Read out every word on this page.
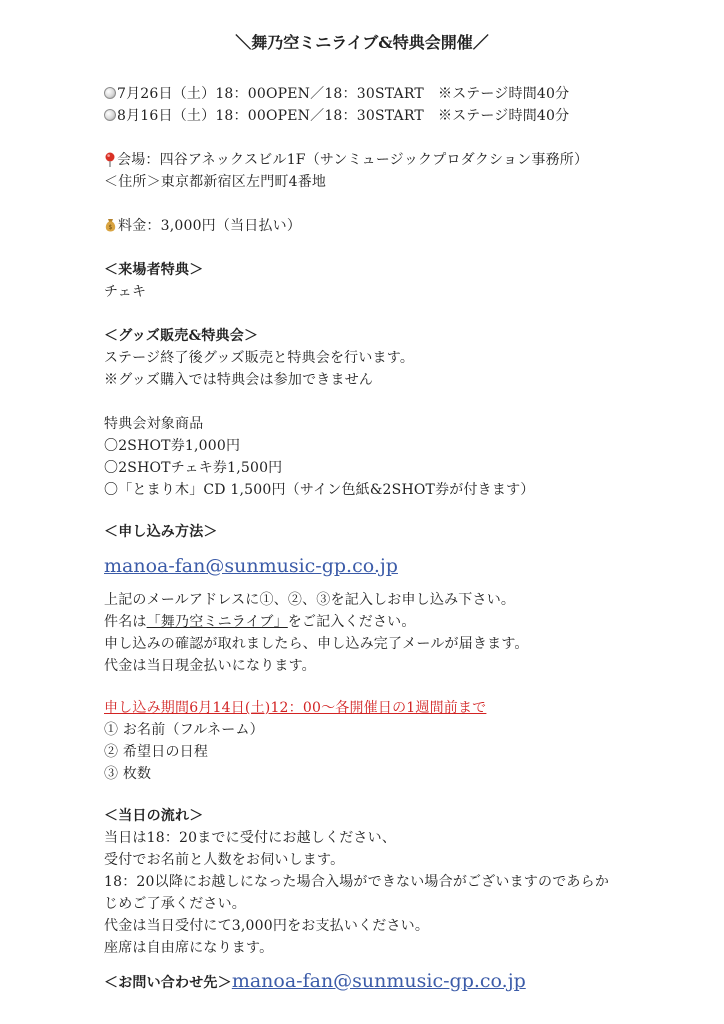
＼舞乃空ミニライブ&特典会開催／
7月26日（土）18：00OPEN／18：30START　※ステージ時間40分
8月16日（土）18：00OPEN／18：30START　※ステージ時間40分
会場：四谷アネックスビル1F（サンミュージックプロダクション事務所）
＜住所＞東京都新宿区左門町4番地
$ 料金：3,000円（当日払い）
＜来場者特典＞
チェキ
＜グッズ販売&特典会＞
ステージ終了後グッズ販売と特典会を行います。
※グッズ購入では特典会は参加できません
特典会対象商品
〇2SHOT券1,000円
〇2SHOTチェキ券1,500円
〇「とまり木」CD 1,500円（サイン色紙&2SHOT券が付きます）
＜申し込み方法＞
manoa-fan@sunmusic-gp.co.jp
上記のメールアドレスに①、②、③を記入しお申し込み下さい。
件名は「舞乃空ミニライブ」をご記入ください。
申し込みの確認が取れましたら、申し込み完了メールが届きます。
代金は当日現金払いになります。
申し込み期間6月14日(土)12：00～各開催日の1週間前まで
① お名前（フルネーム）
② 希望日の日程
③ 枚数
＜当日の流れ＞
当日は18：20までに受付にお越しください、
受付でお名前と人数をお伺いします。
18：20以降にお越しになった場合入場ができない場合がございますのであらか
じめご了承ください。
代金は当日受付にて3,000円をお支払いください。
座席は自由席になります。
＜お問い合わせ先＞manoa-fan@sunmusic-gp.co.jp
